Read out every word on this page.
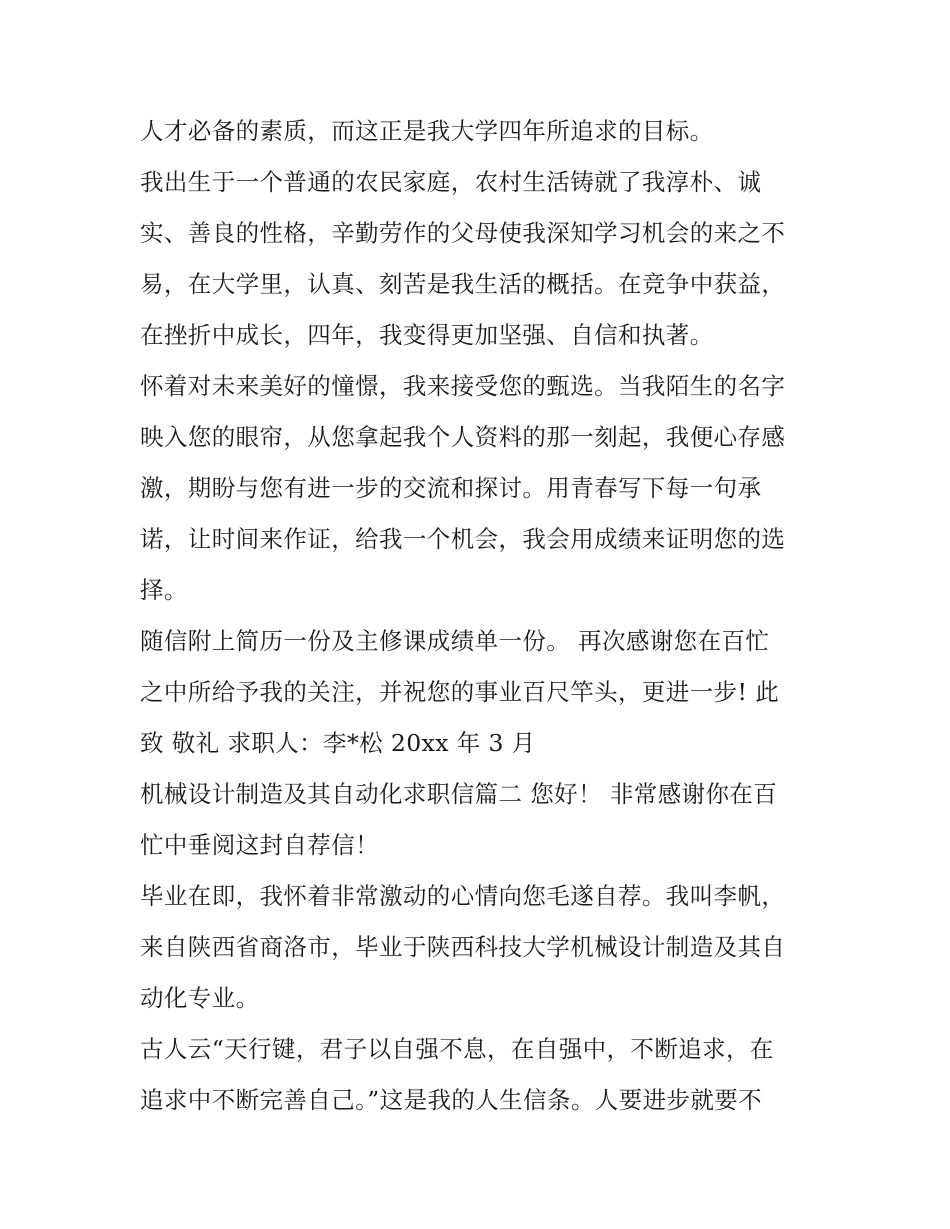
人才必备的素质，而这正是我大学四年所追求的目标。
我出生于一个普通的农民家庭，农村生活铸就了我淳朴、诚
实、善良的性格，辛勤劳作的父母使我深知学习机会的来之不
易，在大学里，认真、刻苦是我生活的概括。在竞争中获益，
在挫折中成长，四年，我变得更加坚强、自信和执著。
怀着对未来美好的憧憬，我来接受您的甄选。当我陌生的名字
映入您的眼帘，从您拿起我个人资料的那一刻起，我便心存感
激，期盼与您有进一步的交流和探讨。用青春写下每一句承
诺，让时间来作证，给我一个机会，我会用成绩来证明您的选
择。
随信附上简历一份及主修课成绩单一份。 再次感谢您在百忙
之中所给予我的关注，并祝您的事业百尺竿头，更进一步! 此
致 敬礼 求职人：李*松 20xx 年 3 月
机械设计制造及其自动化求职信篇二 您好！ 非常感谢你在百
忙中垂阅这封自荐信！
毕业在即，我怀着非常激动的心情向您毛遂自荐。我叫李帆，
来自陕西省商洛市，毕业于陕西科技大学机械设计制造及其自
动化专业。
古人云“天行键，君子以自强不息，在自强中，不断追求，在
追求中不断完善自己。”这是我的人生信条。人要进步就要不
